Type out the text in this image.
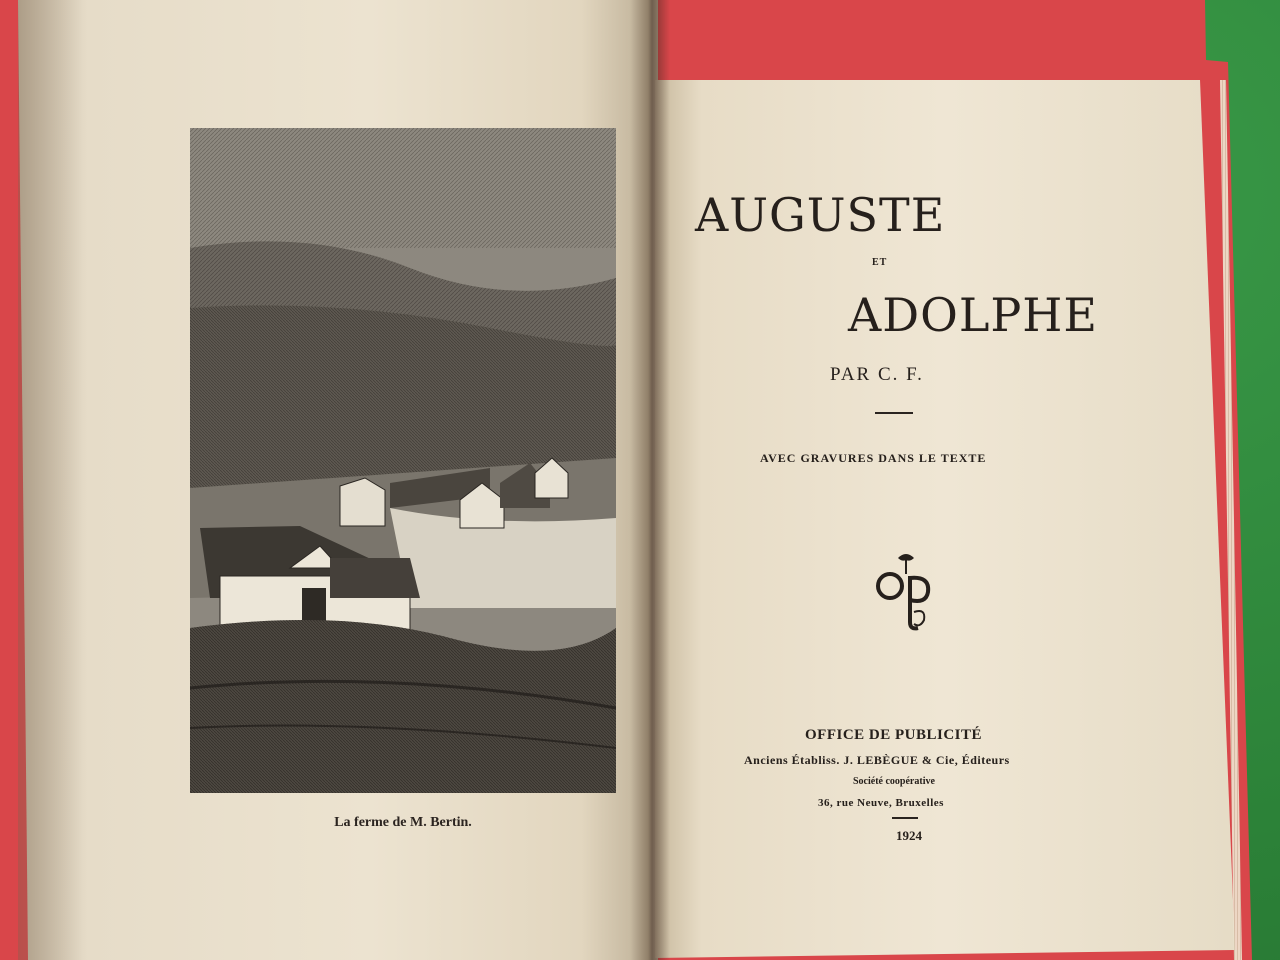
La ferme de M. Bertin.
AUGUSTE
ET
ADOLPHE
PAR C. F.
AVEC GRAVURES DANS LE TEXTE
OFFICE DE PUBLICITÉ
Anciens Établiss. J. LEBÈGUE & Cie, Éditeurs
Société coopérative
36, rue Neuve, Bruxelles
1924
